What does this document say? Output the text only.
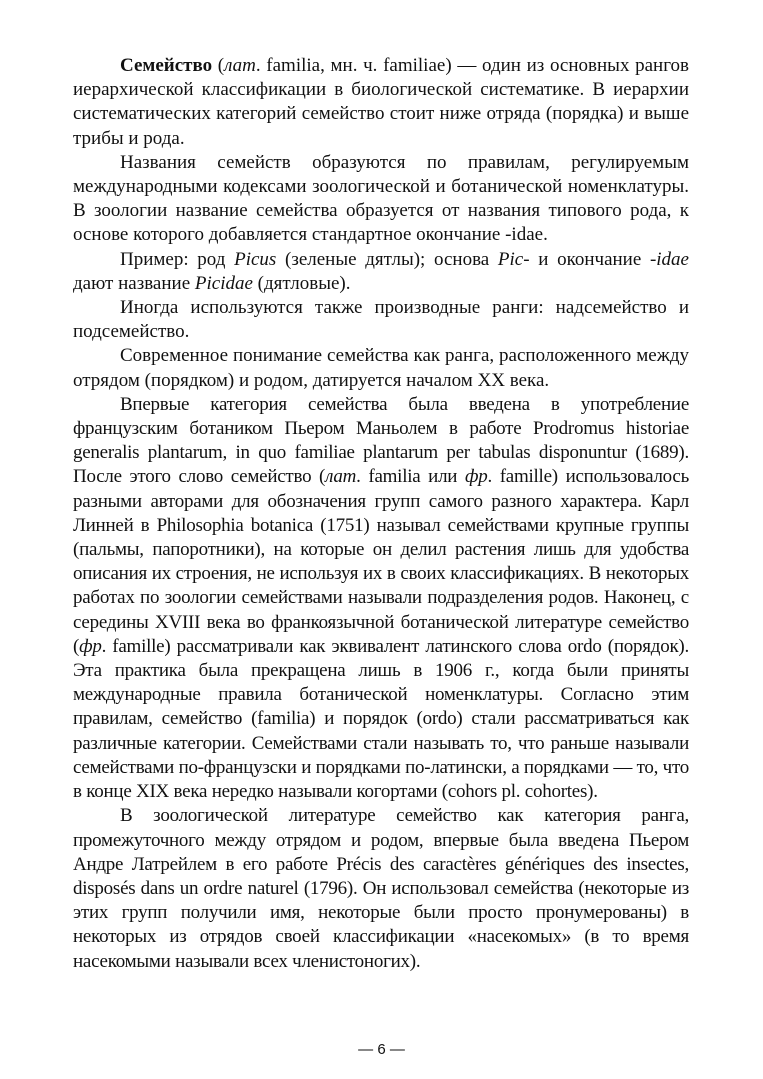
Семейство (лат. familia, мн. ч. familiae) — один из основных рангов иерархической классификации в биологической систематике. В иерархии систематических категорий семейство стоит ниже отряда (порядка) и выше трибы и рода.

Названия семейств образуются по правилам, регулируемым международными кодексами зоологической и ботанической номенклатуры. В зоологии название семейства образуется от названия типового рода, к основе которого добавляется стандартное окончание -idae.

Пример: род Picus (зеленые дятлы); основа Pic- и окончание -idae дают название Picidae (дятловые).

Иногда используются также производные ранги: надсемейство и подсемейство.

Современное понимание семейства как ранга, расположенного между отрядом (порядком) и родом, датируется началом XX века.

Впервые категория семейства была введена в употребление французским ботаником Пьером Маньолем в работе Prodromus historiae generalis plantarum, in quo familiae plantarum per tabulas disponuntur (1689). После этого слово семейство (лат. familia или фр. famille) использовалось разными авторами для обозначения групп самого разного характера. Карл Линней в Philosophia botanica (1751) называл семействами крупные группы (пальмы, папоротники), на которые он делил растения лишь для удобства описания их строения, не используя их в своих классификациях. В некоторых работах по зоологии семействами называли подразделения родов. Наконец, с середины XVIII века во франкоязычной ботанической литературе семейство (фр. famille) рассматривали как эквивалент латинского слова ordo (порядок). Эта практика была прекращена лишь в 1906 г., когда были приняты международные правила ботанической номенклатуры. Согласно этим правилам, семейство (familia) и порядок (ordo) стали рассматриваться как различные категории. Семействами стали называть то, что раньше называли семействами по-французски и порядками по-латински, а порядками — то, что в конце XIX века нередко называли когортами (cohors pl. cohortes).

В зоологической литературе семейство как категория ранга, промежуточного между отрядом и родом, впервые была введена Пьером Андре Латрейлем в его работе Précis des caractères génériques des insectes, disposés dans un ordre naturel (1796). Он использовал семейства (некоторые из этих групп получили имя, некоторые были просто пронумерованы) в некоторых из отрядов своей классификации «насекомых» (в то время насекомыми называли всех членистоногих).

— 6 —
